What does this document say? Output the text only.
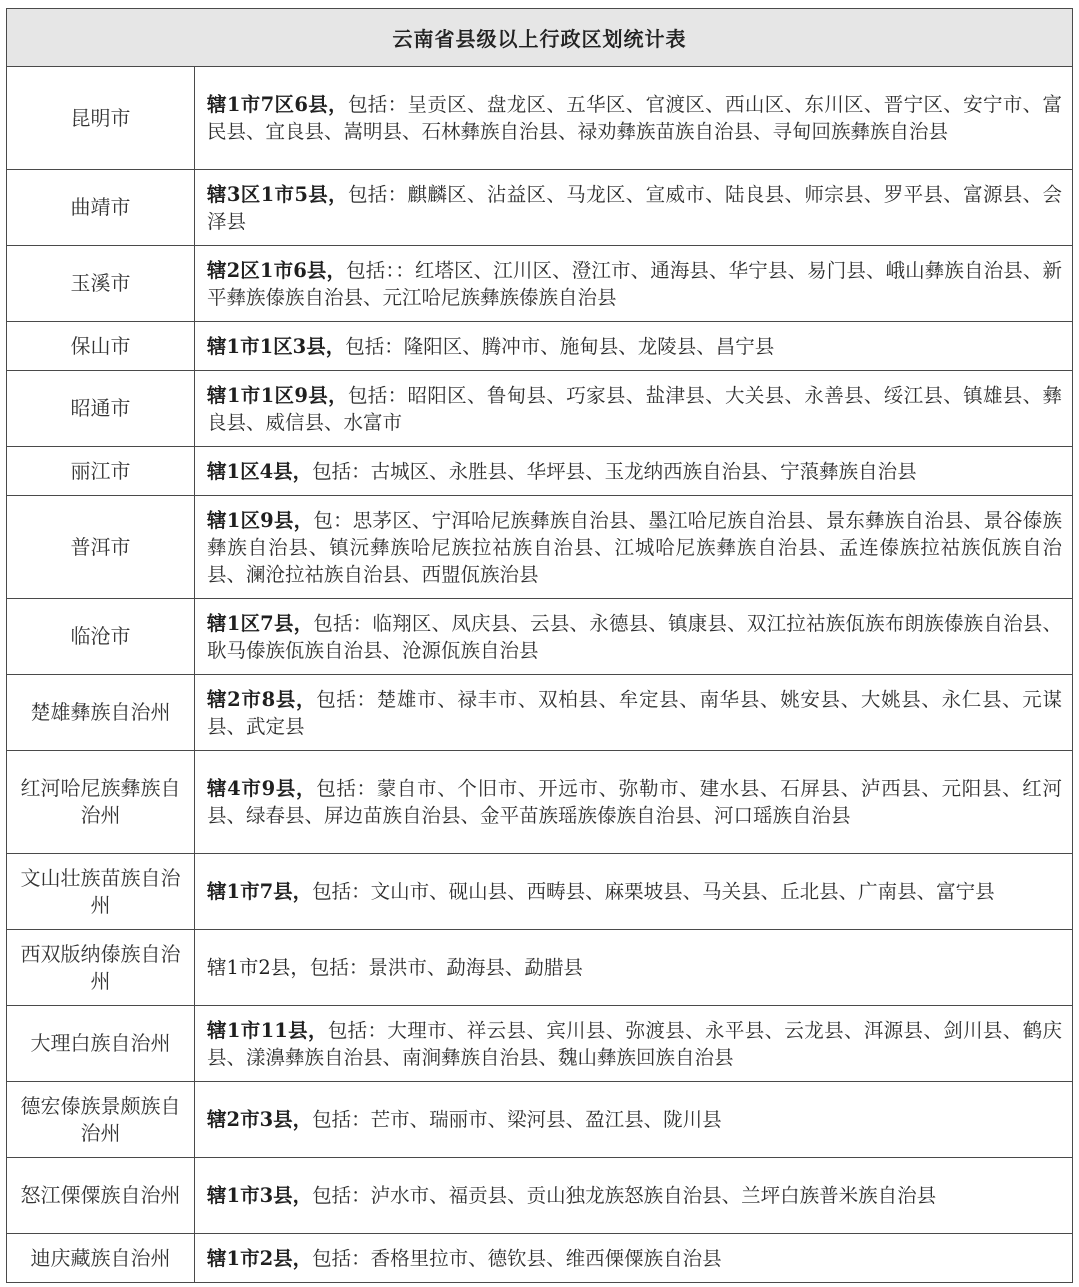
云南省县级以上行政区划统计表	
昆明市	辖1市7区6县，包括：呈贡区、盘龙区、五华区、官渡区、西山区、东川区、晋宁区、安宁市、富民县、宜良县、嵩明县、石林彝族自治县、禄劝彝族苗族自治县、寻甸回族彝族自治县
曲靖市	辖3区1市5县，包括：麒麟区、沾益区、马龙区、宣威市、陆良县、师宗县、罗平县、富源县、会泽县
玉溪市	辖2区1市6县，包括：：红塔区、江川区、澄江市、通海县、华宁县、易门县、峨山彝族自治县、新平彝族傣族自治县、元江哈尼族彝族傣族自治县
保山市	辖1市1区3县，包括：隆阳区、腾冲市、施甸县、龙陵县、昌宁县
昭通市	辖1市1区9县，包括：昭阳区、鲁甸县、巧家县、盐津县、大关县、永善县、绥江县、镇雄县、彝良县、威信县、水富市
丽江市	辖1区4县，包括：古城区、永胜县、华坪县、玉龙纳西族自治县、宁蒗彝族自治县
普洱市	辖1区9县，包：思茅区、宁洱哈尼族彝族自治县、墨江哈尼族自治县、景东彝族自治县、景谷傣族彝族自治县、镇沅彝族哈尼族拉祜族自治县、江城哈尼族彝族自治县、孟连傣族拉祜族佤族自治县、澜沧拉祜族自治县、西盟佤族治县
临沧市	辖1区7县，包括：临翔区、凤庆县、云县、永德县、镇康县、双江拉祜族佤族布朗族傣族自治县、耿马傣族佤族自治县、沧源佤族自治县
楚雄彝族自治州	辖2市8县，包括：楚雄市、禄丰市、双柏县、牟定县、南华县、姚安县、大姚县、永仁县、元谋县、武定县
红河哈尼族彝族自治州	辖4市9县，包括：蒙自市、个旧市、开远市、弥勒市、建水县、石屏县、泸西县、元阳县、红河县、绿春县、屏边苗族自治县、金平苗族瑶族傣族自治县、河口瑶族自治县
文山壮族苗族自治州	辖1市7县，包括：文山市、砚山县、西畴县、麻栗坡县、马关县、丘北县、广南县、富宁县
西双版纳傣族自治州	辖1市2县，包括：景洪市、勐海县、勐腊县
大理白族自治州	辖1市11县，包括：大理市、祥云县、宾川县、弥渡县、永平县、云龙县、洱源县、剑川县、鹤庆县、漾濞彝族自治县、南涧彝族自治县、魏山彝族回族自治县
德宏傣族景颇族自治州	辖2市3县，包括：芒市、瑞丽市、梁河县、盈江县、陇川县
怒江傈僳族自治州	辖1市3县，包括：泸水市、福贡县、贡山独龙族怒族自治县、兰坪白族普米族自治县
迪庆藏族自治州	辖1市2县，包括：香格里拉市、德钦县、维西傈僳族自治县
